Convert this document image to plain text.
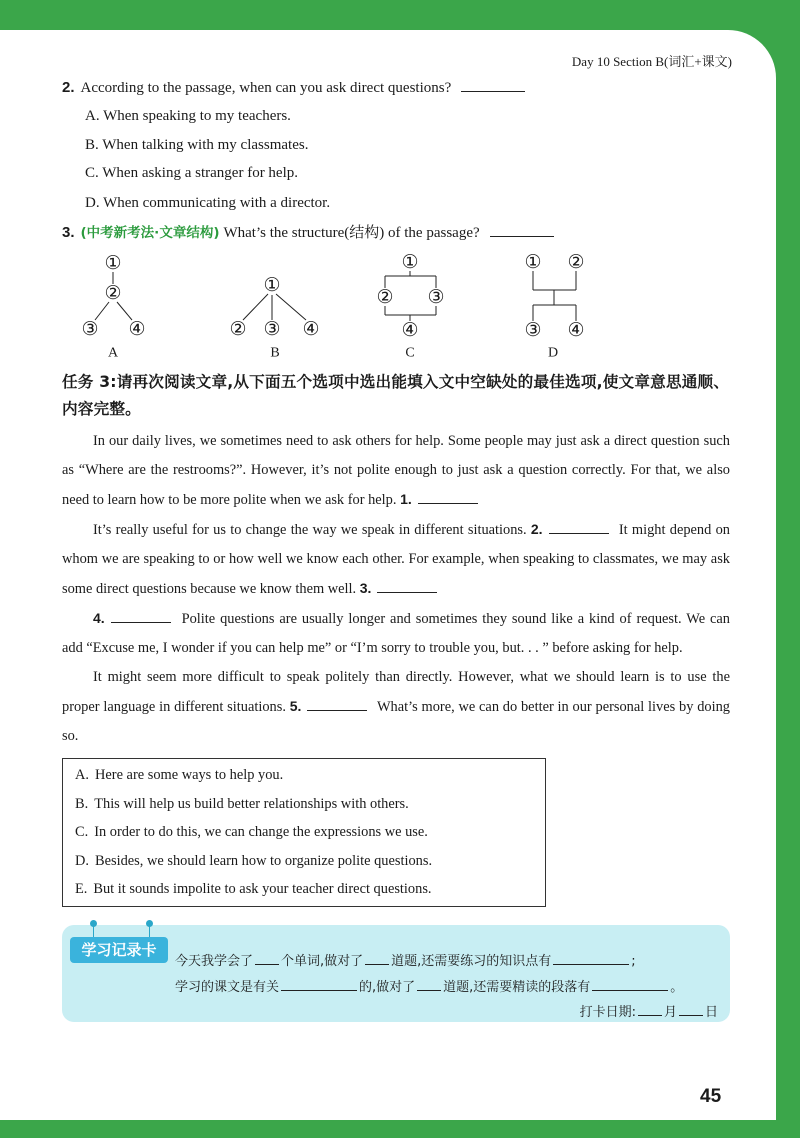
Day 10 Section B(词汇+课文)
2. According to the passage, when can you ask direct questions?
A. When speaking to my teachers.
B. When talking with my classmates.
C. When asking a stranger for help.
D. When communicating with a director.
3. (中考新考法·文章结构) What’s the structure(结构) of the passage?
①
②
③ ④
A
①
② ③ ④
B
①
② ③
④
C
① ②
③ ④
D
任务 3:请再次阅读文章,从下面五个选项中选出能填入文中空缺处的最佳选项,使文章意思通顺、内容完整。

In our daily lives, we sometimes need to ask others for help. Some people may just ask a direct question such as “Where are the restrooms?”. However, it’s not polite enough to just ask a question correctly. For that, we also need to learn how to be more polite when we ask for help. 1.

It’s really useful for us to change the way we speak in different situations. 2.	It might depend on whom we are speaking to or how well we know each other. For example, when speaking to classmates, we may ask some direct questions because we know them well. 3.

4.	Polite questions are usually longer and sometimes they sound like a kind of request. We can add “Excuse me, I wonder if you can help me” or “I’m sorry to trouble you, but. . . ” before asking for help.

It might seem more difficult to speak politely than directly. However, what we should learn is to use the proper language in different situations. 5.	What’s more, we can do better in our personal lives by doing so.

A. Here are some ways to help you.
B. This will help us build better relationships with others.
C. In order to do this, we can change the expressions we use.
D. Besides, we should learn how to organize polite questions.
E. But it sounds impolite to ask your teacher direct questions.
学习记录卡
今天我学会了 个单词,做对了 道题,还需要练习的知识点有	;
学习的课文是有关	的,做对了 道题,还需要精读的段落有	。
打卡日期: 月 日
45
